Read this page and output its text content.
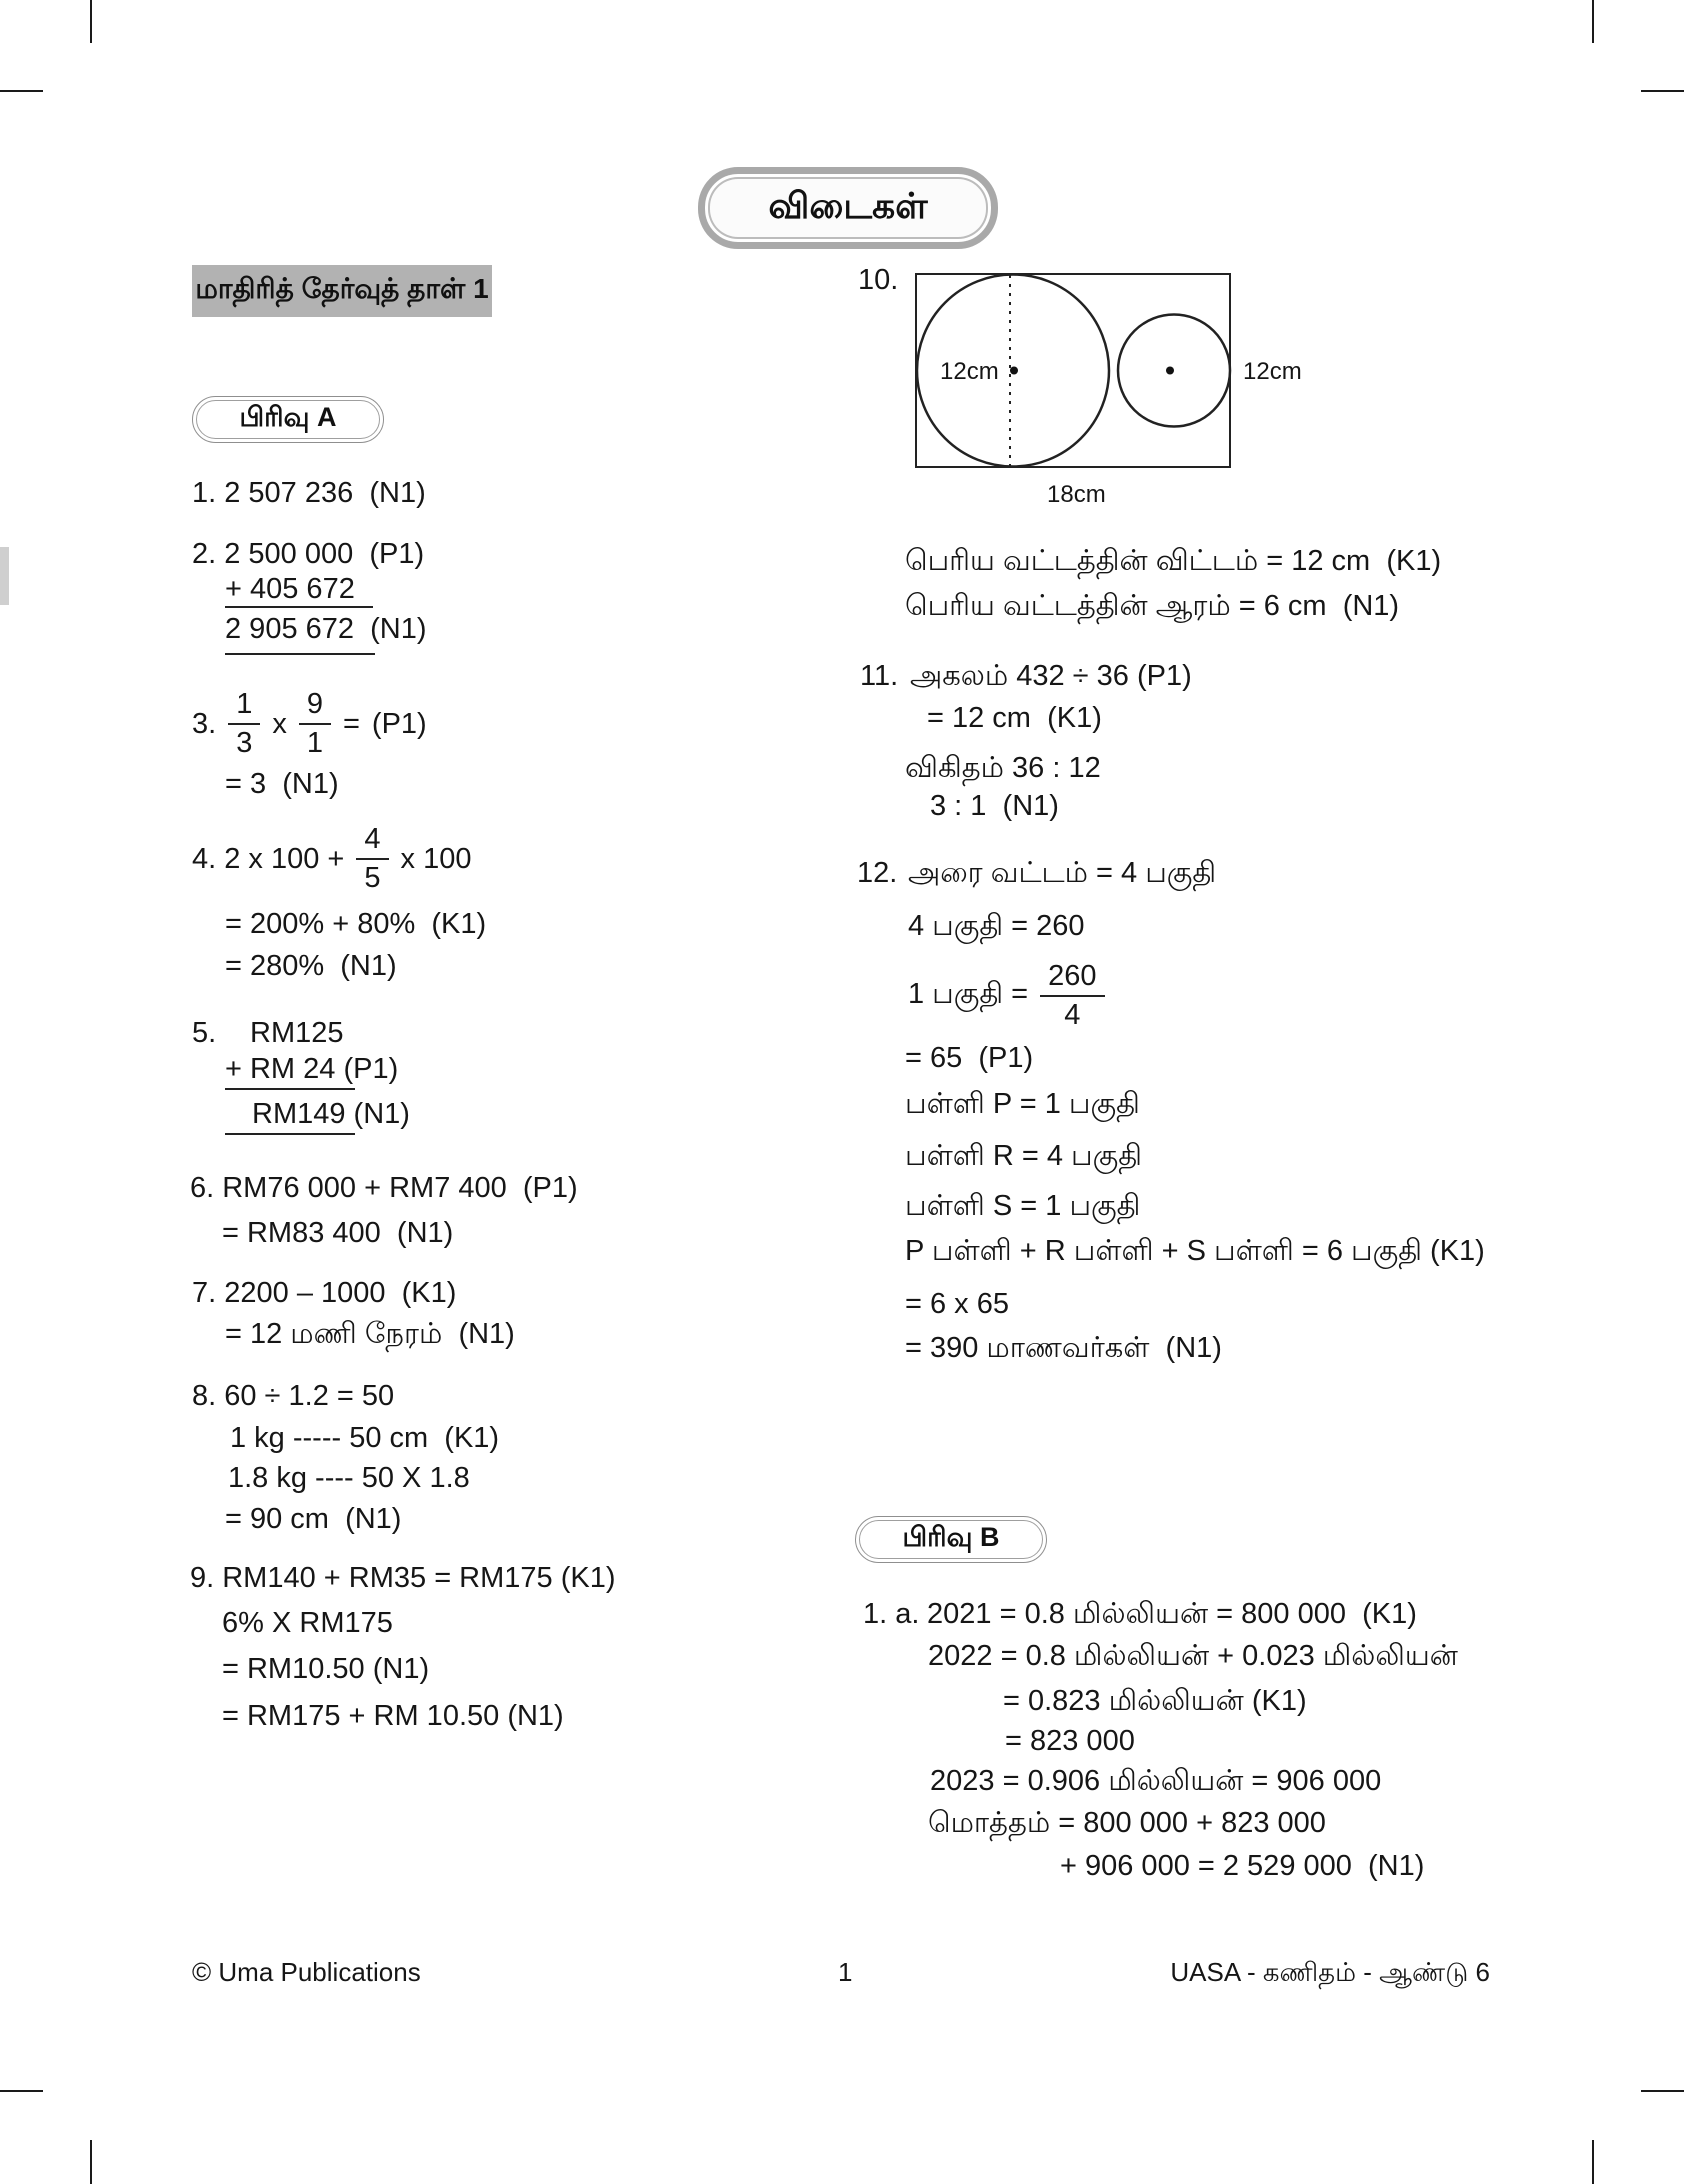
விடைகள்
மாதிரித் தேர்வுத் தாள் 1
பிரிவு A
1. 2 507 236  (N1)
2. 2 500 000  (P1)
+ 405 672
2 905 672  (N1)
3. $\frac{1}{3}$ x $\frac{9}{1} = (P1)$
= 3  (N1)
4. 2 x $100 + \frac{4}{5}$ x 100
= 200% + 80%  (K1)
= 280%  (N1)
5. RM125
+ RM 24 (P1)
RM149 (N1)
6. RM76 000 + RM7 400  (P1)
= RM83 400  (N1)
7. 2200 – 1000  (K1)
= 12 மணி நேரம்  (N1)
8. 60 ÷ 1.2 = 50
1 kg ----- 50 cm  (K1)
1.8 kg ---- 50 X 1.8
= 90 cm  (N1)
9. RM140 + RM35 = RM175 (K1)
6% X RM175
= RM10.50 (N1)
= RM175 + RM 10.50 (N1)
10.
12cm	12cm
18cm
பெரிய வட்டத்தின் விட்டம் = 12 cm  (K1)
பெரிய வட்டத்தின் ஆரம் = 6 cm  (N1)
11. அகலம் 432 ÷ 36 (P1)
= 12 cm  (K1)
விகிதம் 36 : 12
3 : 1  (N1)
12. அரை வட்டம் = 4 பகுதி
4 பகுதி = 260
1 பகுதி = $\frac{260}{4}$
= 65  (P1)
பள்ளி P = 1 பகுதி
பள்ளி R = 4 பகுதி
பள்ளி S = 1 பகுதி
P பள்ளி + R பள்ளி + S பள்ளி = 6 பகுதி (K1)
= 6 x 65
= 390 மாணவர்கள்  (N1)
பிரிவு B
1. a. 2021 = 0.8 மில்லியன் = 800 000  (K1)
2022 = 0.8 மில்லியன் + 0.023 மில்லியன்
= 0.823 மில்லியன் (K1)
= 823 000
2023 = 0.906 மில்லியன் = 906 000
மொத்தம் = 800 000 + 823 000
+ 906 000 = 2 529 000  (N1)
© Uma Publications	1	UASA - கணிதம் - ஆண்டு 6
